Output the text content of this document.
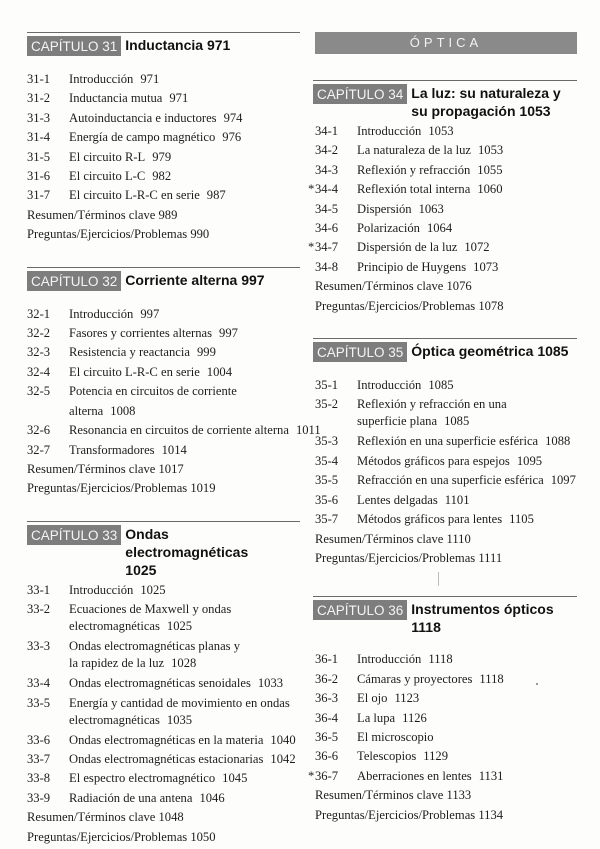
CAPÍTULO 31 Inductancia 971
31-1	Introducción 971
31-2	Inductancia mutua 971
31-3	Autoinductancia e inductores 974
31-4	Energía de campo magnético 976
31-5	El circuito R-L 979
31-6	El circuito L-C 982
31-7	El circuito L-R-C en serie 987
Resumen/Términos clave 989
Preguntas/Ejercicios/Problemas 990
CAPÍTULO 32 Corriente alterna 997
32-1	Introducción 997
32-2	Fasores y corrientes alternas 997
32-3	Resistencia y reactancia 999
32-4	El circuito L-R-C en serie 1004
32-5	Potencia en circuitos de corriente alterna 1008
32-6	Resonancia en circuitos de corriente alterna 1011
32-7	Transformadores 1014
Resumen/Términos clave 1017
Preguntas/Ejercicios/Problemas 1019
CAPÍTULO 33 Ondas electromagnéticas 1025
33-1	Introducción 1025
33-2	Ecuaciones de Maxwell y ondas electromagnéticas 1025
33-3	Ondas electromagnéticas planas y la rapidez de la luz 1028
33-4	Ondas electromagnéticas senoidales 1033
33-5	Energía y cantidad de movimiento en ondas electromagnéticas 1035
33-6	Ondas electromagnéticas en la materia 1040
33-7	Ondas electromagnéticas estacionarias 1042
33-8	El espectro electromagnético 1045
33-9	Radiación de una antena 1046
Resumen/Términos clave 1048
Preguntas/Ejercicios/Problemas 1050
ÓPTICA
CAPÍTULO 34 La luz: su naturaleza y su propagación 1053
34-1	Introducción 1053
34-2	La naturaleza de la luz 1053
34-3	Reflexión y refracción 1055
* 34-4	Reflexión total interna 1060
34-5	Dispersión 1063
34-6	Polarización 1064
* 34-7	Dispersión de la luz 1072
34-8	Principio de Huygens 1073
Resumen/Términos clave 1076
Preguntas/Ejercicios/Problemas 1078
CAPÍTULO 35 Óptica geométrica 1085
35-1	Introducción 1085
35-2	Reflexión y refracción en una superficie plana 1085
35-3	Reflexión en una superficie esférica 1088
35-4	Métodos gráficos para espejos 1095
35-5	Refracción en una superficie esférica 1097
35-6	Lentes delgadas 1101
35-7	Métodos gráficos para lentes 1105
Resumen/Términos clave 1110
Preguntas/Ejercicios/Problemas 1111
CAPÍTULO 36 Instrumentos ópticos 1118
36-1	Introducción 1118
36-2	Cámaras y proyectores 1118
36-3	El ojo 1123
36-4	La lupa 1126
36-5	El microscopio
36-6	Telescopios 1129
* 36-7	Aberraciones en lentes 1131
Resumen/Términos clave 1133
Preguntas/Ejercicios/Problemas 1134
